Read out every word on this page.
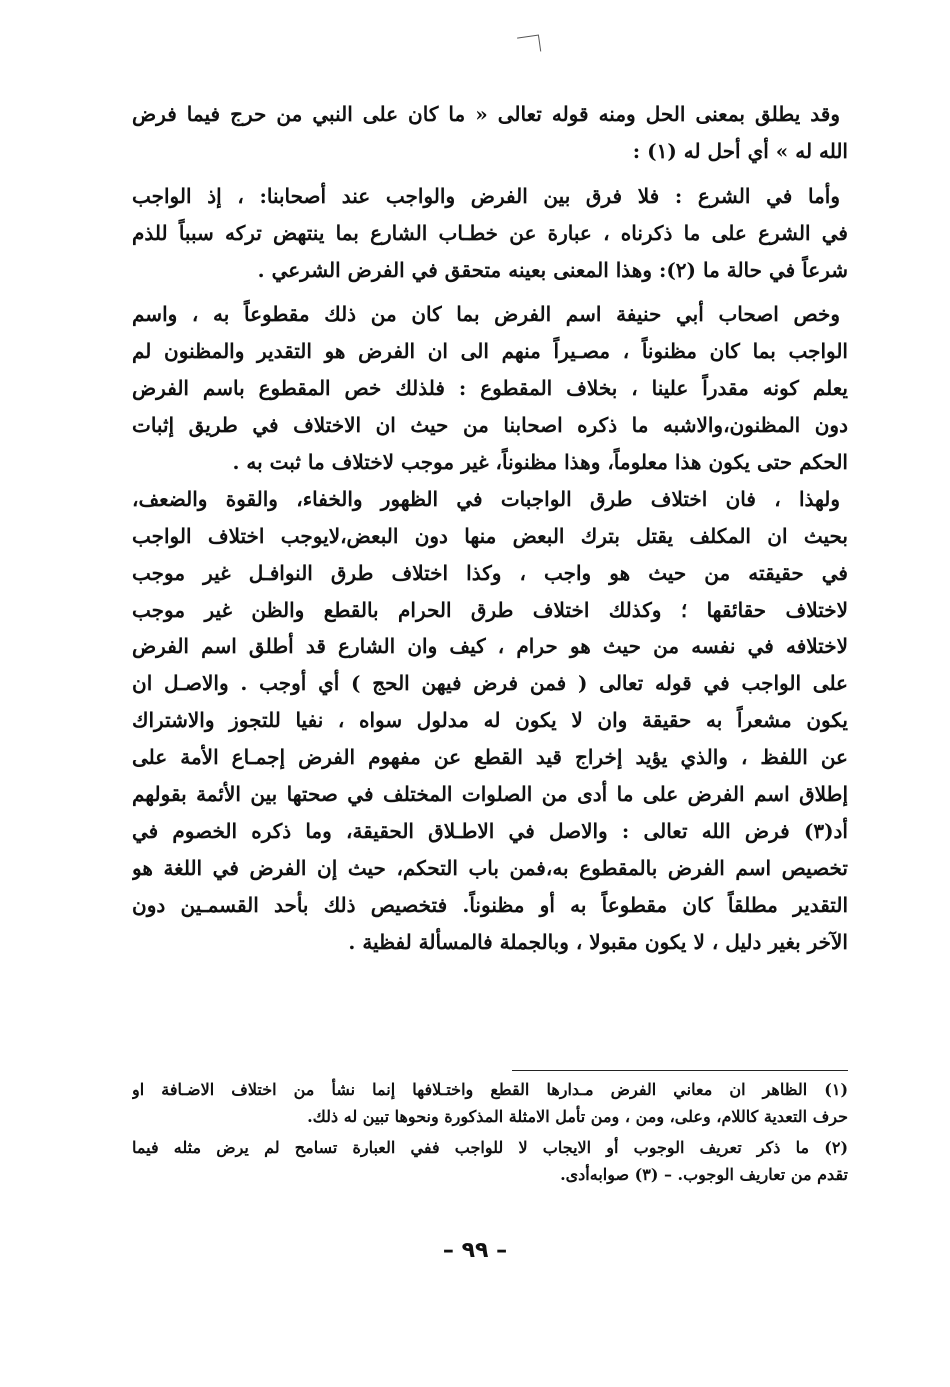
وقد يطلق بمعنى الحل ومنه قوله تعالى « ما كان على النبي من حرج فيما فرض
الله له » أي أحل له (١) :
وأما في الشرع : فلا فرق بين الفرض والواجب عند أصحابنا: ، إذ الواجب
في الشرع على ما ذكرناه ، عبارة عن خطـاب الشارع بما ينتهض تركه سبباً للذم
شرعاً في حالة ما (٢): وهذا المعنى بعينه متحقق في الفرض الشرعي .
وخص اصحاب أبي حنيفة اسم الفرض بما كان من ذلك مقطوعاً به ، واسم
الواجب بما كان مظنوناً ، مصـيراً منهم الى ان الفرض هو التقدير والمظنون لم
يعلم كونه مقدراً علينا ، بخلاف المقطوع : فلذلك خص المقطوع باسم الفرض
دون المظنون،والاشبه ما ذكره اصحابنا من حيث ان الاختلاف في طريق إثبات
الحكم حتى يكون هذا معلوماً، وهذا مظنوناً، غير موجب لاختلاف ما ثبت به .
ولهذا ، فان اختلاف طرق الواجبات في الظهور والخفاء، والقوة والضعف،
بحيث ان المكلف يقتل بترك البعض منها دون البعض،لايوجب اختلاف الواجب
في حقيقته من حيث هو واجب ، وكذا اختلاف طرق النوافـل غير موجب
لاختلاف حقائقها ؛ وكذلك اختلاف طرق الحرام بالقطع والظن غير موجب
لاختلافه في نفسه من حيث هو حرام ، كيف وان الشارع قد أطلق اسم الفرض
على الواجب في قوله تعالى ( فمن فرض فيهن الحج ) أي أوجب . والاصـل ان
يكون مشعراً به حقيقة وان لا يكون له مدلول سواه ، نفيا للتجوز والاشتراك
عن اللفظ ، والذي يؤيد إخراج قيد القطع عن مفهوم الفرض إجمـاع الأمة على
إطلاق اسم الفرض على ما أدى من الصلوات المختلف في صحتها بين الأئمة بقولهم
أد(٣) فرض الله تعالى : والاصل في الاطـلاق الحقيقة، وما ذكره الخصوم في
تخصيص اسم الفرض بالمقطوع به،فمن باب التحكم، حيث إن الفرض في اللغة هو
التقدير مطلقاً كان مقطوعاً به أو مظنوناً. فتخصيص ذلك بأحد القسمـين دون
الآخر بغير دليل ، لا يكون مقبولا ، وبالجملة فالمسألة لفظية .
(١) الظاهر ان معاني الفرض مـدارها القطع واختـلافها إنما نشأ من اختلاف الاضـافة او
حرف التعدية كاللام، وعلى، ومن ، ومن تأمل الامثلة المذكورة ونحوها تبين له ذلك.
(٢) ما ذكر تعريف الوجوب أو الايجاب لا للواجب ففي العبارة تسامح لم يرض مثله فيما
تقدم من تعاريف الوجوب. – (٣) صوابه‌أدى.
– ٩٩ –
